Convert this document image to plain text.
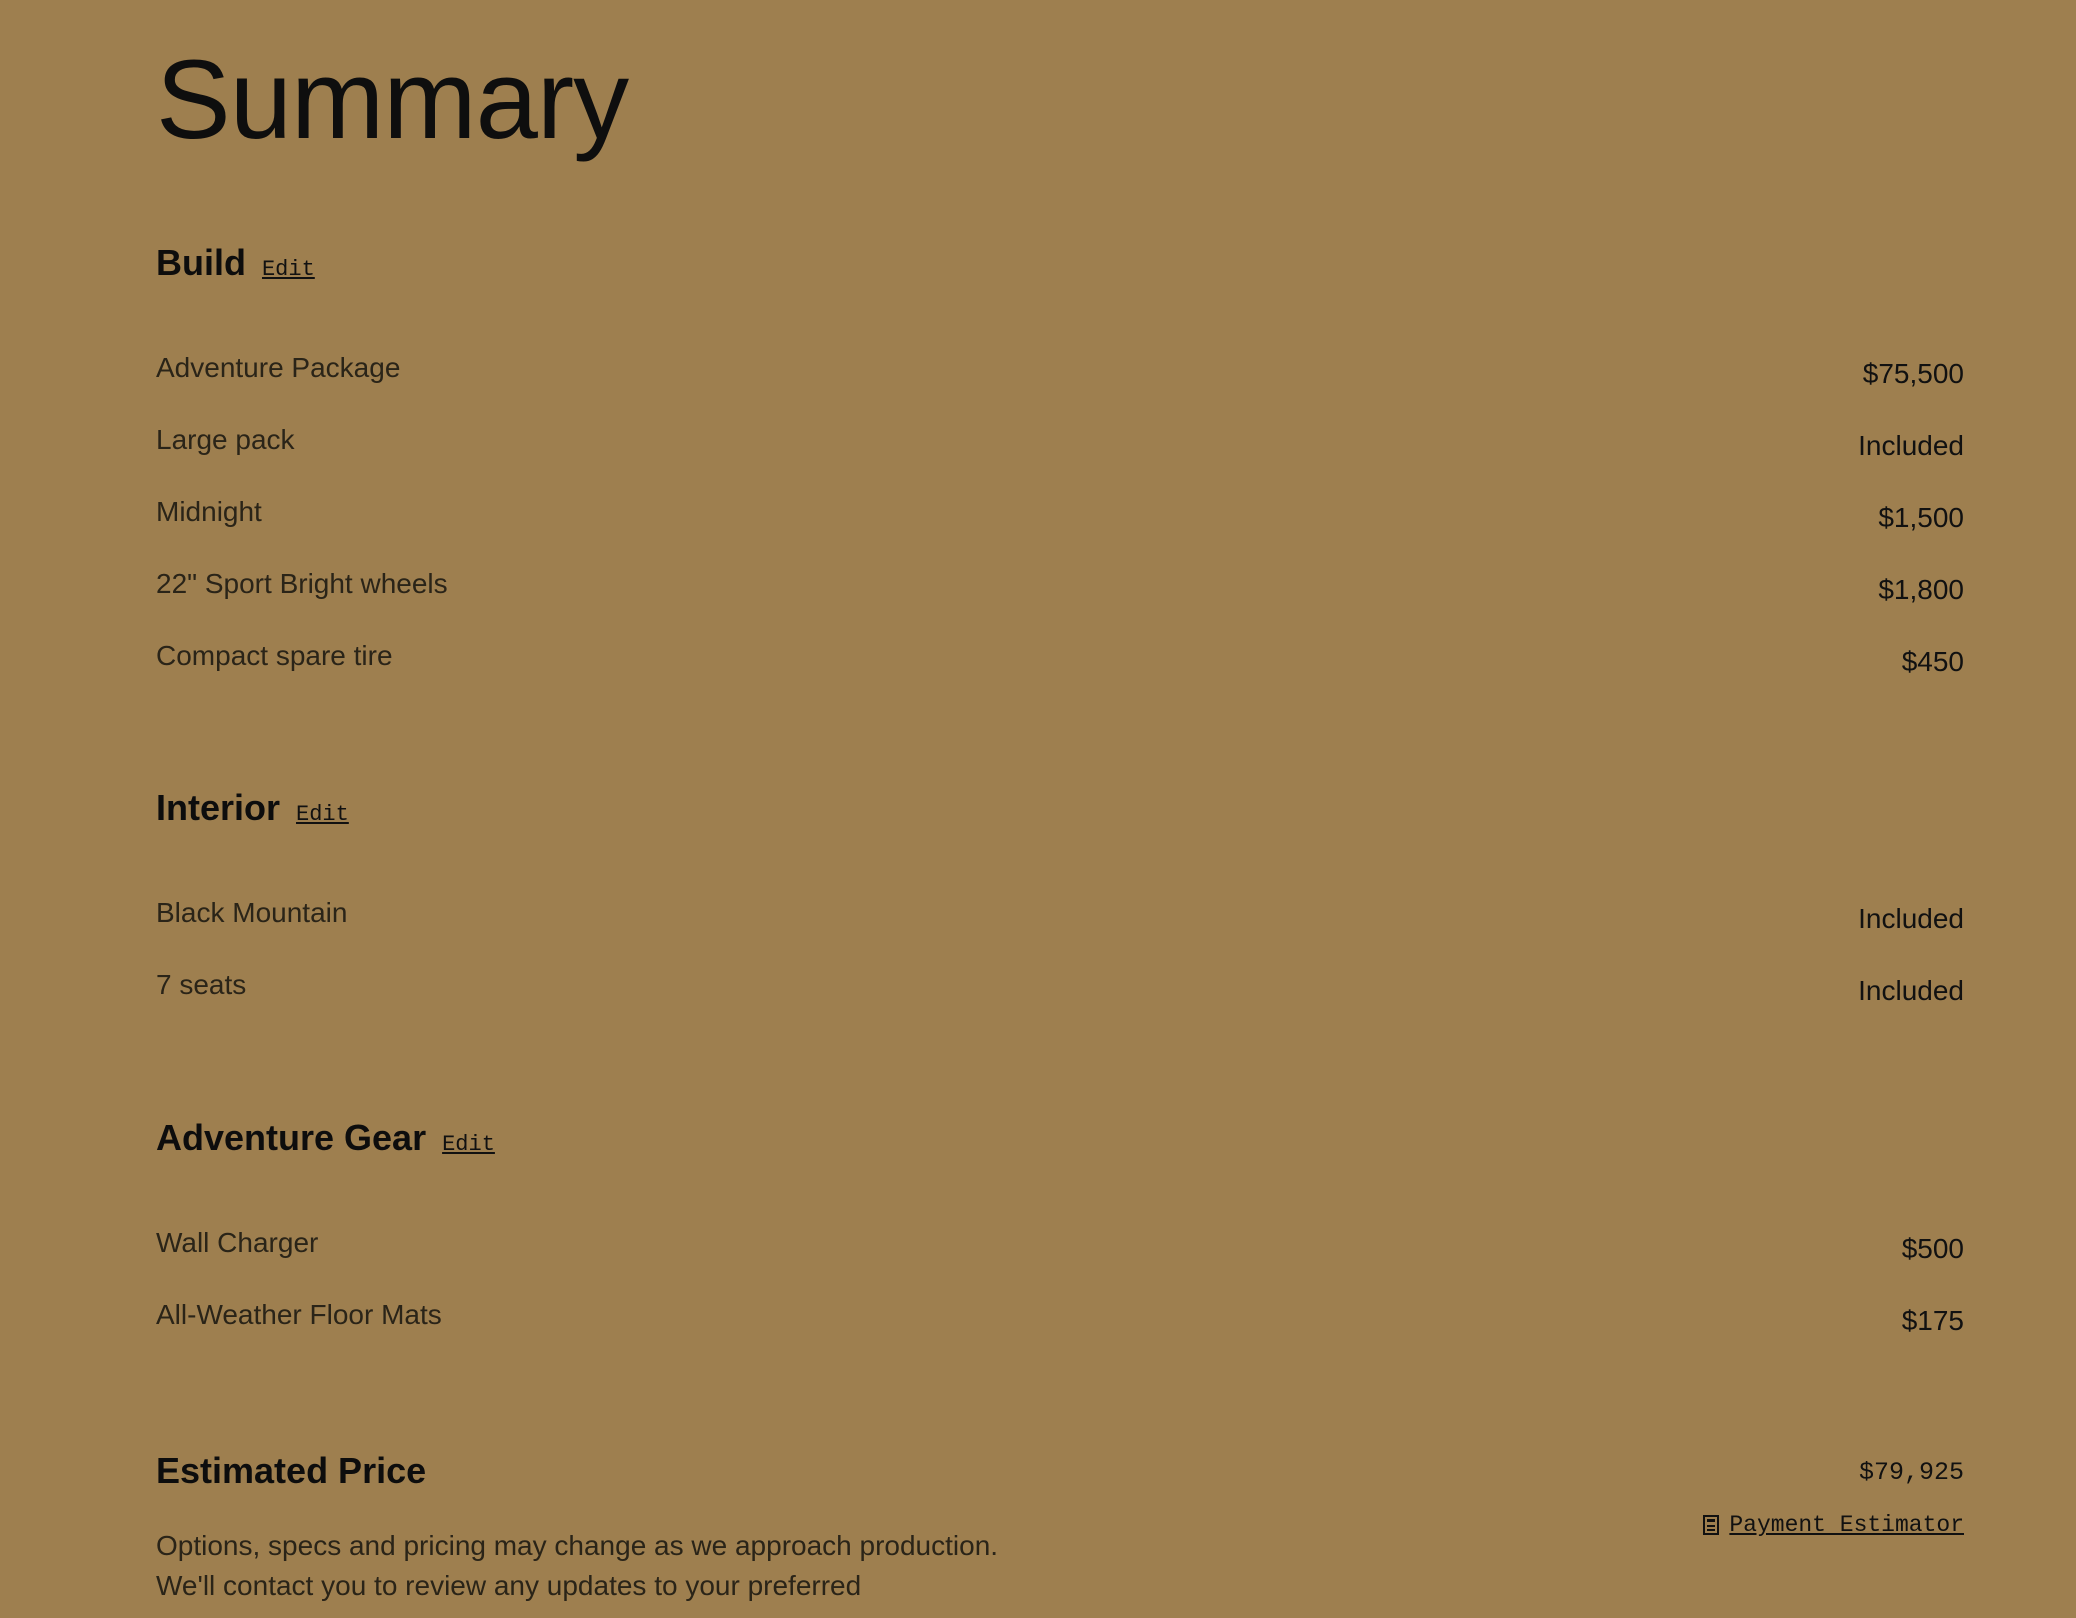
Summary
Build Edit
Adventure Package	$75,500
Large pack	Included
Midnight	$1,500
22" Sport Bright wheels	$1,800
Compact spare tire	$450
Interior Edit
Black Mountain	Included
7 seats	Included
Adventure Gear Edit
Wall Charger	$500
All-Weather Floor Mats	$175
Estimated Price	$79,925
Payment Estimator

Options, specs and pricing may change as we approach production. We'll contact you to review any updates to your preferred
